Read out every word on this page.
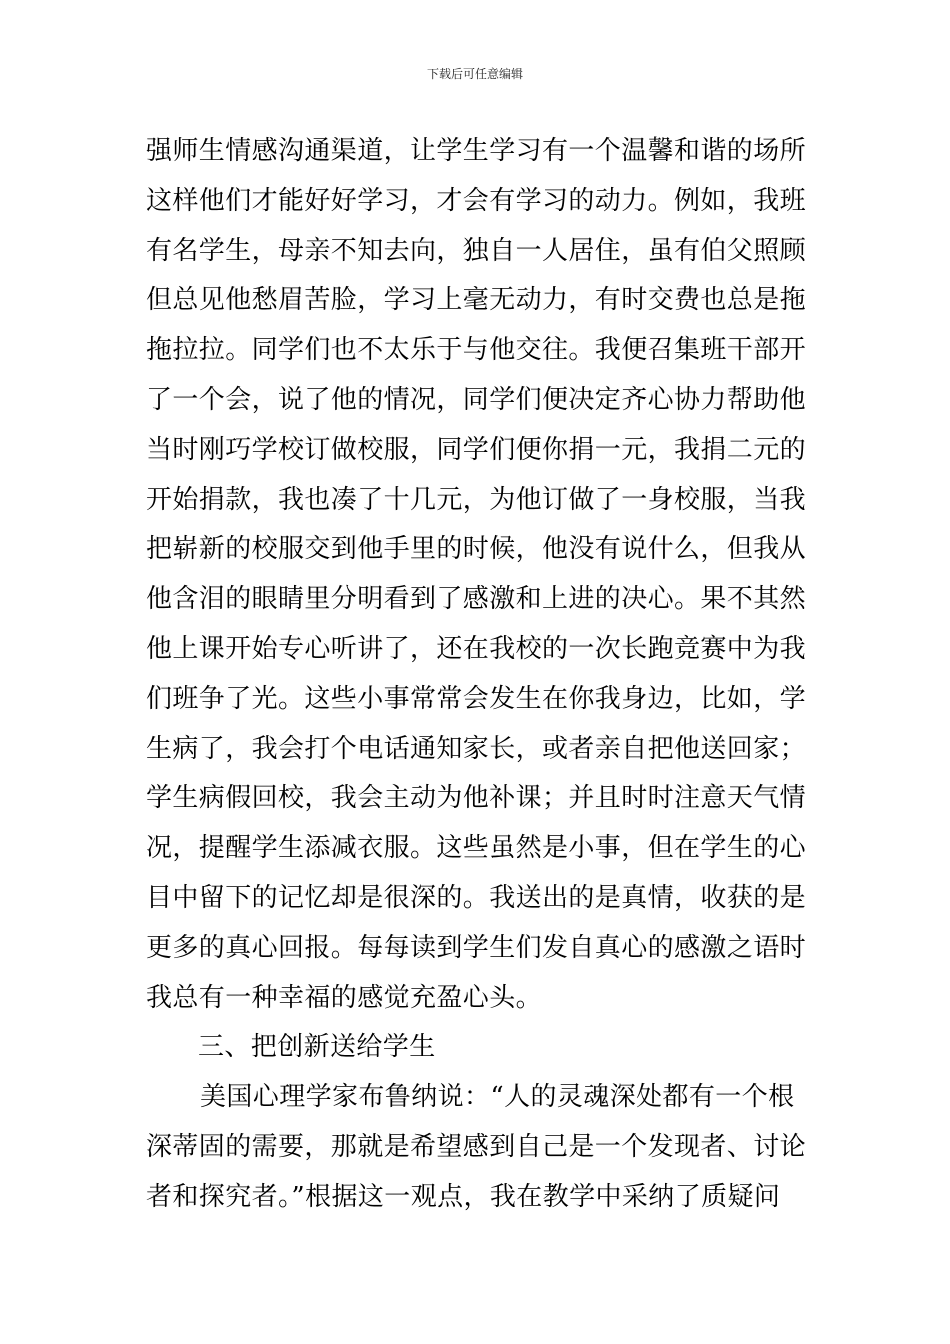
下载后可任意编辑
强师生情感沟通渠道，让学生学习有一个温馨和谐的场所
这样他们才能好好学习，才会有学习的动力。例如，我班
有名学生，母亲不知去向，独自一人居住，虽有伯父照顾
但总见他愁眉苦脸，学习上毫无动力，有时交费也总是拖
拖拉拉。同学们也不太乐于与他交往。我便召集班干部开
了一个会，说了他的情况，同学们便决定齐心协力帮助他
当时刚巧学校订做校服，同学们便你捐一元，我捐二元的
开始捐款，我也凑了十几元，为他订做了一身校服，当我
把崭新的校服交到他手里的时候，他没有说什么，但我从
他含泪的眼睛里分明看到了感激和上进的决心。果不其然
他上课开始专心听讲了，还在我校的一次长跑竞赛中为我
们班争了光。这些小事常常会发生在你我身边，比如，学
生病了，我会打个电话通知家长，或者亲自把他送回家；
学生病假回校，我会主动为他补课；并且时时注意天气情
况，提醒学生添减衣服。这些虽然是小事，但在学生的心
目中留下的记忆却是很深的。我送出的是真情，收获的是
更多的真心回报。每每读到学生们发自真心的感激之语时
我总有一种幸福的感觉充盈心头。
三、把创新送给学生
美国心理学家布鲁纳说：“人的灵魂深处都有一个根
深蒂固的需要，那就是希望感到自己是一个发现者、讨论
者和探究者。”根据这一观点，我在教学中采纳了质疑问
